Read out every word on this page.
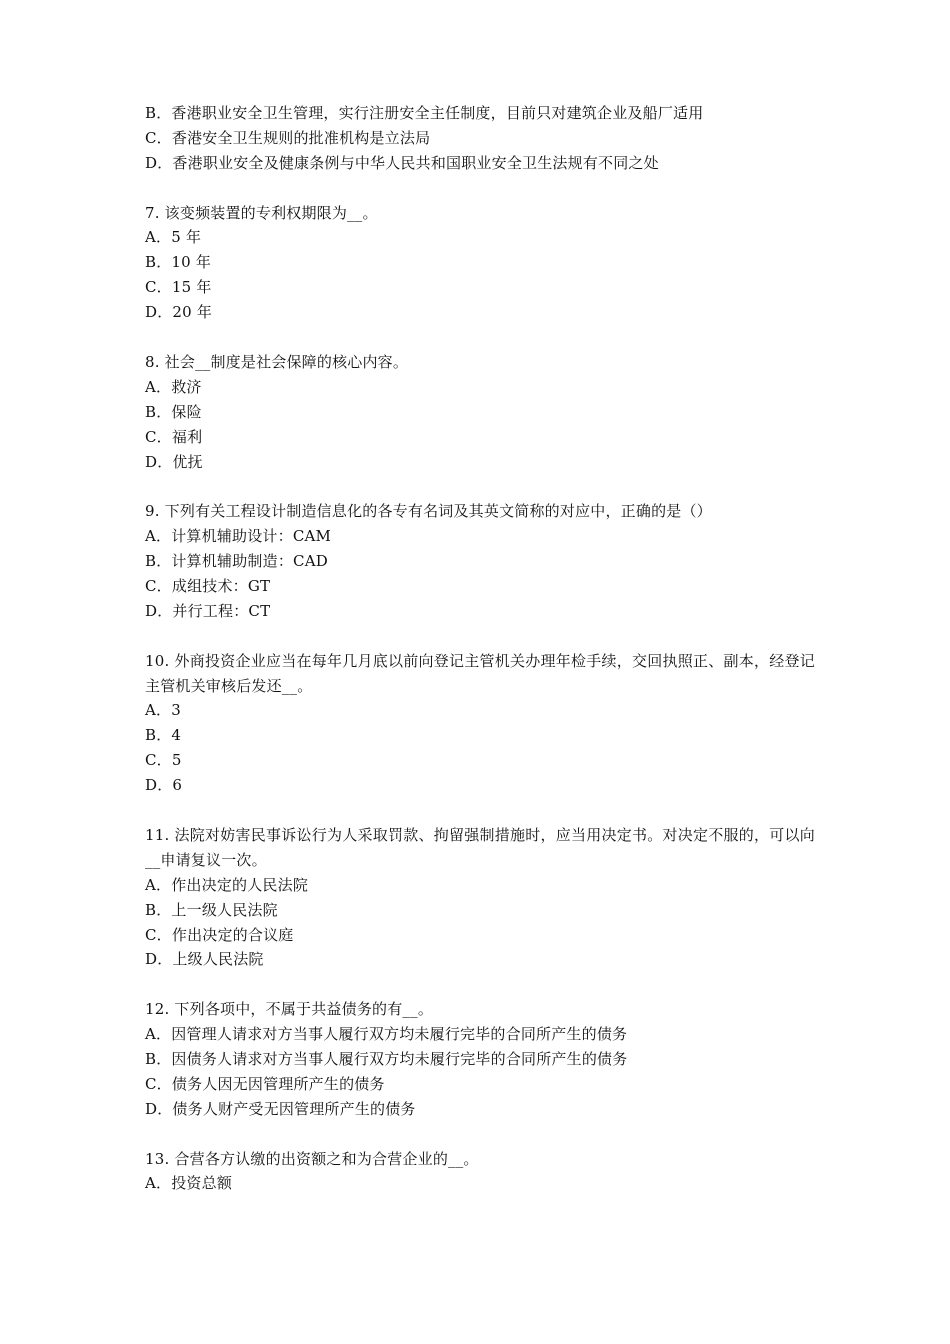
B．香港职业安全卫生管理，实行注册安全主任制度，目前只对建筑企业及船厂适用
C．香港安全卫生规则的批准机构是立法局
D．香港职业安全及健康条例与中华人民共和国职业安全卫生法规有不同之处
7. 该变频装置的专利权期限为__。
A．5 年
B．10 年
C．15 年
D．20 年
8. 社会__制度是社会保障的核心内容。
A．救济
B．保险
C．福利
D．优抚
9. 下列有关工程设计制造信息化的各专有名词及其英文简称的对应中，正确的是（）
A．计算机辅助设计：CAM
B．计算机辅助制造：CAD
C．成组技术：GT
D．并行工程：CT
10. 外商投资企业应当在每年几月底以前向登记主管机关办理年检手续，交回执照正、副本，经登记主管机关审核后发还__。
A．3
B．4
C．5
D．6
11. 法院对妨害民事诉讼行为人采取罚款、拘留强制措施时，应当用决定书。对决定不服的，可以向__申请复议一次。
A．作出决定的人民法院
B．上一级人民法院
C．作出决定的合议庭
D．上级人民法院
12. 下列各项中，不属于共益债务的有__。
A．因管理人请求对方当事人履行双方均未履行完毕的合同所产生的债务
B．因债务人请求对方当事人履行双方均未履行完毕的合同所产生的债务
C．债务人因无因管理所产生的债务
D．债务人财产受无因管理所产生的债务
13. 合营各方认缴的出资额之和为合营企业的__。
A．投资总额
